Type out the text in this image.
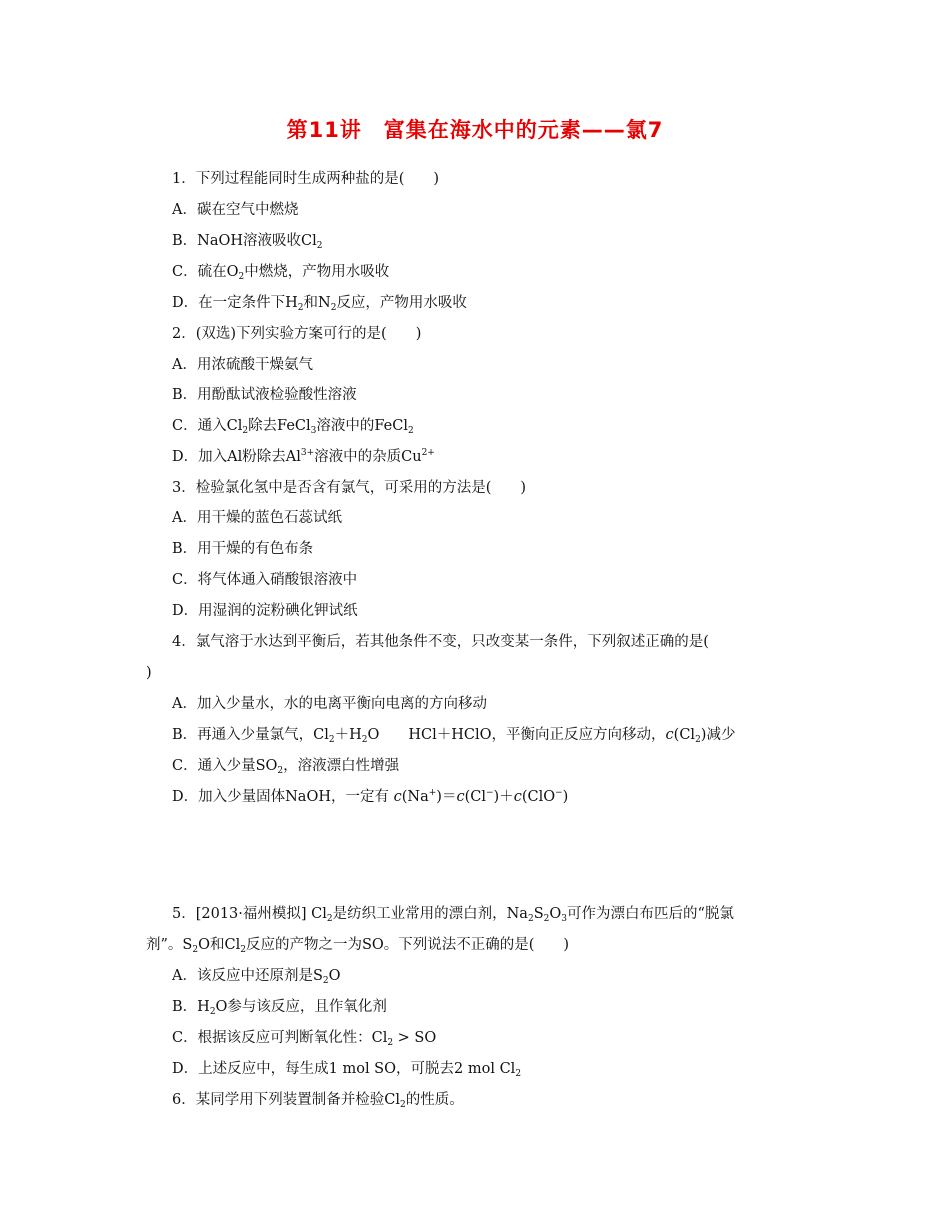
第11讲　富集在海水中的元素——氯7
1．下列过程能同时生成两种盐的是(　　)
A．碳在空气中燃烧
B．NaOH溶液吸收$Cl_2$
C．硫在$O_2$中燃烧，产物用水吸收
D．在一定条件下$H_2$和$N_2$反应，产物用水吸收
2．(双选)下列实验方案可行的是(　　)
A．用浓硫酸干燥氨气
B．用酚酞试液检验酸性溶液
C．通入$Cl_2$除去FeCl$_3$溶液中的FeCl$_2$
D．加入Al粉除去$Al^{3+}$溶液中的杂质$Cu^{2+}$
3．检验氯化氢中是否含有氯气，可采用的方法是(　　)
A．用干燥的蓝色石蕊试纸
B．用干燥的有色布条
C．将气体通入硝酸银溶液中
D．用湿润的淀粉碘化钾试纸
4．氯气溶于水达到平衡后，若其他条件不变，只改变某一条件，下列叙述正确的是(
)
A．加入少量水，水的电离平衡向电离的方向移动
B．再通入少量氯气，$Cl_2+H_2O$　　HCl＋HClO，平衡向正反应方向移动，$c(Cl_2)$减少
C．通入少量$SO_2$，溶液漂白性增强
D．加入少量固体NaOH，一定有 c(Na+)＝c(Cl−)＋c(ClO−)
5．[2013·福州模拟] $Cl_2$是纺织工业常用的漂白剂，$Na_2S_2O_3$可作为漂白布匹后的“脱氯
剂”。$S_2O$和$Cl_2$反应的产物之一为SO。下列说法不正确的是(　　)
A．该反应中还原剂是$S_2O$
B．$H_2O$参与该反应，且作氧化剂
C．根据该反应可判断氧化性：$Cl_2$ > SO
D．上述反应中，每生成1 mol SO，可脱去2 mol $Cl_2$
6．某同学用下列装置制备并检验$Cl_2$的性质。
